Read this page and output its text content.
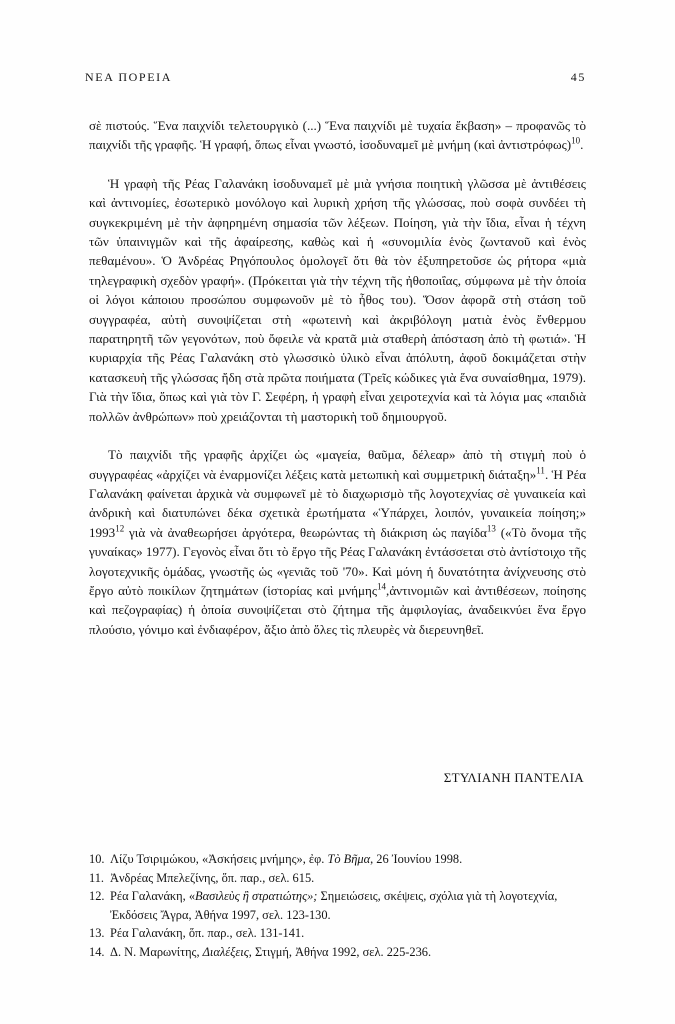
ΝΕΑ ΠΟΡΕΙΑ	45

σὲ πιστούς. Ἕνα παιχνίδι τελετουργικὸ (...) Ἕνα παιχνίδι μὲ τυχαία ἔκβαση» – προφανῶς τὸ παιχνίδι τῆς γραφῆς. Ἡ γραφή, ὅπως εἶναι γνωστό, ἰσοδυναμεῖ μὲ μνήμη (καὶ ἀντιστρόφως)$^{10}$.

Ἡ γραφὴ τῆς Ρέας Γαλανάκη ἰσοδυναμεῖ μὲ μιὰ γνήσια ποιητικὴ γλῶσσα μὲ ἀντιθέσεις καὶ ἀντινομίες, ἐσωτερικὸ μονόλογο καὶ λυρικὴ χρήση τῆς γλώσσας, ποὺ σοφὰ συνδέει τὴ συγκεκριμένη μὲ τὴν ἀφηρημένη σημασία τῶν λέξεων. Ποίηση, γιὰ τὴν ἴδια, εἶναι ἡ τέχνη τῶν ὑπαινιγμῶν καὶ τῆς ἀφαίρεσης, καθὼς καὶ ἡ «συνομιλία ἑνὸς ζωντανοῦ καὶ ἑνὸς πεθαμένου». Ὁ Ἀνδρέας Ρηγόπουλος ὁμολογεῖ ὅτι θὰ τὸν ἐξυπηρετοῦσε ὡς ρήτορα «μιὰ τηλεγραφικὴ σχεδὸν γραφή». (Πρόκειται γιὰ τὴν τέχνη τῆς ἠθοποιΐας, σύμφωνα μὲ τὴν ὁποία οἱ λόγοι κάποιου προσώπου συμφωνοῦν μὲ τὸ ἦθος του). Ὅσον ἀφορᾶ στὴ στάση τοῦ συγγραφέα, αὐτὴ συνοψίζεται στὴ «φωτεινὴ καὶ ἀκριβόλογη ματιὰ ἑνὸς ἔνθερμου παρατηρητῆ τῶν γεγονότων, ποὺ ὄφειλε νὰ κρατᾶ μιὰ σταθερὴ ἀπόσταση ἀπὸ τὴ φωτιά». Ἡ κυριαρχία τῆς Ρέας Γαλανάκη στὸ γλωσσικὸ ὑλικὸ εἶναι ἀπόλυτη, ἀφοῦ δοκιμάζεται στὴν κατασκευὴ τῆς γλώσσας ἤδη στὰ πρῶτα ποιήματα (Τρεῖς κώδικες γιὰ ἕνα συναίσθημα, 1979). Γιὰ τὴν ἴδια, ὅπως καὶ γιὰ τὸν Γ. Σεφέρη, ἡ γραφὴ εἶναι χειροτεχνία καὶ τὰ λόγια μας «παιδιὰ πολλῶν ἀνθρώπων» ποὺ χρειάζονται τὴ μαστορικὴ τοῦ δημιουργοῦ.

Τὸ παιχνίδι τῆς γραφῆς ἀρχίζει ὡς «μαγεία, θαῦμα, δέλεαρ» ἀπὸ τὴ στιγμὴ ποὺ ὁ συγγραφέας «ἀρχίζει νὰ ἐναρμονίζει λέξεις κατὰ μετωπικὴ καὶ συμμετρικὴ διάταξη»$^{11}$. Ἡ Ρέα Γαλανάκη φαίνεται ἀρχικὰ νὰ συμφωνεῖ μὲ τὸ διαχωρισμὸ τῆς λογοτεχνίας σὲ γυναικεία καὶ ἀνδρικὴ καὶ διατυπώνει δέκα σχετικὰ ἐρωτήματα «Ὑπάρχει, λοιπόν, γυναικεία ποίηση;» 1993$^{12}$ γιὰ νὰ ἀναθεωρήσει ἀργότερα, θεωρώντας τὴ διάκριση ὡς παγίδα$^{13}$ («Τὸ ὄνομα τῆς γυναίκας» 1977). Γεγονὸς εἶναι ὅτι τὸ ἔργο τῆς Ρέας Γαλανάκη ἐντάσσεται στὸ ἀντίστοιχο τῆς λογοτεχνικῆς ὁμάδας, γνωστῆς ὡς «γενιᾶς τοῦ '70». Καὶ μόνη ἡ δυνατότητα ἀνίχνευσης στὸ ἔργο αὐτὸ ποικίλων ζητημάτων (ἱστορίας καὶ μνήμης$^{14}$,ἀντινομιῶν καὶ ἀντιθέσεων, ποίησης καὶ πεζογραφίας) ἡ ὁποία συνοψίζεται στὸ ζήτημα τῆς ἀμφιλογίας, ἀναδεικνύει ἕνα ἔργο πλούσιο, γόνιμο καὶ ἐνδιαφέρον, ἄξιο ἀπὸ ὅλες τὶς πλευρὲς νὰ διερευνηθεῖ.

ΣΤΥΛΙΑΝΗ ΠΑΝΤΕΛΙΑ
10. Λίζυ Τσιριμώκου, «Ἀσκήσεις μνήμης», ἐφ. Τὸ Βῆμα, 26 Ἰουνίου 1998.
11. Ἀνδρέας Μπελεζίνης, ὅπ. παρ., σελ. 615.
12. Ρέα Γαλανάκη, «Βασιλεὺς ἢ στρατιώτης»; Σημειώσεις, σκέψεις, σχόλια γιὰ τὴ λογοτεχνία, Ἐκδόσεις Ἄγρα, Ἀθήνα 1997, σελ. 123-130.
13. Ρέα Γαλανάκη, ὅπ. παρ., σελ. 131-141.
14. Δ. Ν. Μαρωνίτης, Διαλέξεις, Στιγμή, Ἀθήνα 1992, σελ. 225-236.
